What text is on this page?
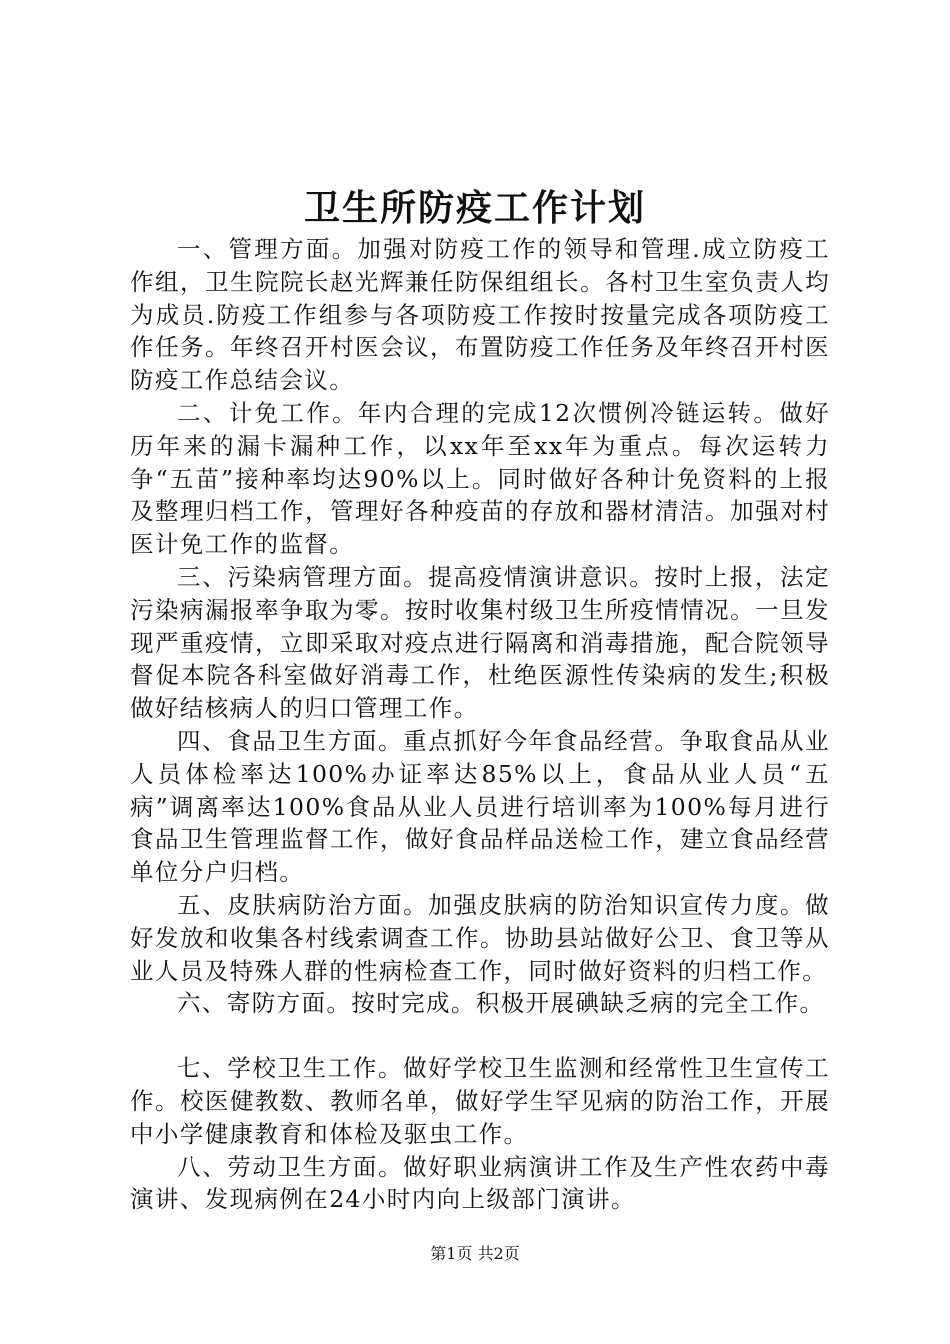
卫生所防疫工作计划

一、管理方面。加强对防疫工作的领导和管理.成立防疫工作组，卫生院院长赵光辉兼任防保组组长。各村卫生室负责人均为成员.防疫工作组参与各项防疫工作按时按量完成各项防疫工作任务。年终召开村医会议，布置防疫工作任务及年终召开村医防疫工作总结会议。

二、计免工作。年内合理的完成12次惯例冷链运转。做好历年来的漏卡漏种工作，以xx年至xx年为重点。每次运转力争“五苗”接种率均达90%以上。同时做好各种计免资料的上报及整理归档工作，管理好各种疫苗的存放和器材清洁。加强对村医计免工作的监督。

三、污染病管理方面。提高疫情演讲意识。按时上报，法定污染病漏报率争取为零。按时收集村级卫生所疫情情况。一旦发现严重疫情，立即采取对疫点进行隔离和消毒措施，配合院领导督促本院各科室做好消毒工作，杜绝医源性传染病的发生;积极做好结核病人的归口管理工作。

四、食品卫生方面。重点抓好今年食品经营。争取食品从业人员体检率达100%办证率达85%以上，食品从业人员“五病”调离率达100%食品从业人员进行培训率为100%每月进行食品卫生管理监督工作，做好食品样品送检工作，建立食品经营单位分户归档。

五、皮肤病防治方面。加强皮肤病的防治知识宣传力度。做好发放和收集各村线索调查工作。协助县站做好公卫、食卫等从业人员及特殊人群的性病检查工作，同时做好资料的归档工作。

六、寄防方面。按时完成。积极开展碘缺乏病的完全工作。

七、学校卫生工作。做好学校卫生监测和经常性卫生宣传工作。校医健教数、教师名单，做好学生罕见病的防治工作，开展中小学健康教育和体检及驱虫工作。

八、劳动卫生方面。做好职业病演讲工作及生产性农药中毒演讲、发现病例在24小时内向上级部门演讲。

第1页 共2页
